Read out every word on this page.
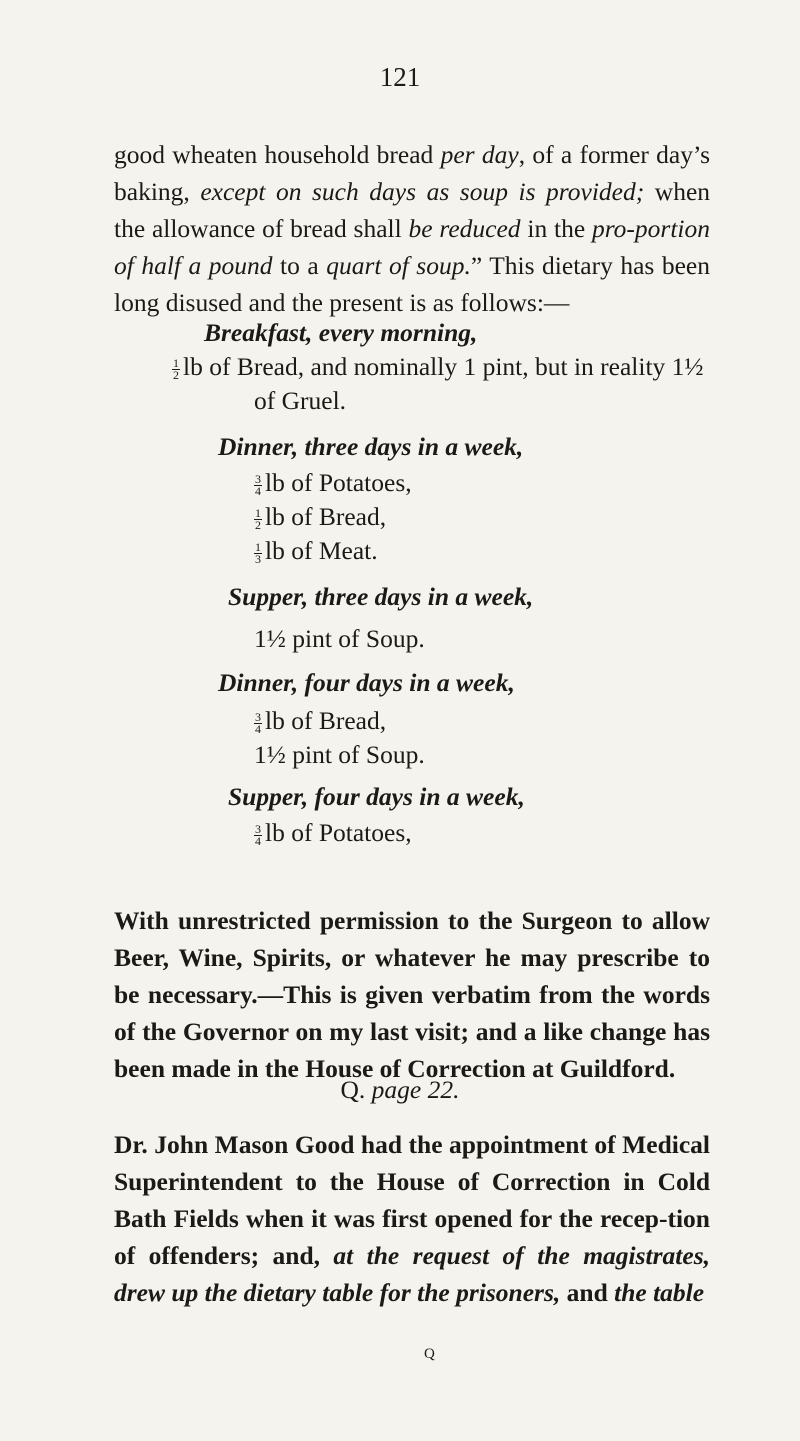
121

good wheaten household bread per day, of a former day’s baking, except on such days as soup is provided; when the allowance of bread shall be reduced in the pro-portion of half a pound to a quart of soup.” This dietary has been long disused and the present is as follows:—

Breakfast, every morning,
$\frac{1}{2}$ lb of Bread, and nominally 1 pint, but in reality 1½
of Gruel.
Dinner, three days in a week,
$\frac{3}{4}$ lb of Potatoes,
$\frac{1}{2}$ lb of Bread,
$\frac{1}{3}$ lb of Meat.
Supper, three days in a week,
1½ pint of Soup.
Dinner, four days in a week,
$\frac{3}{4}$ lb of Bread,
1½ pint of Soup.
Supper, four days in a week,
$\frac{3}{4}$ lb of Potatoes,

With unrestricted permission to the Surgeon to allow Beer, Wine, Spirits, or whatever he may prescribe to be necessary.—This is given verbatim from the words of the Governor on my last visit; and a like change has been made in the House of Correction at Guildford.

Q. page 22.

Dr. John Mason Good had the appointment of Medical Superintendent to the House of Correction in Cold Bath Fields when it was first opened for the recep-tion of offenders; and, at the request of the magistrates, drew up the dietary table for the prisoners, and the table

Q
